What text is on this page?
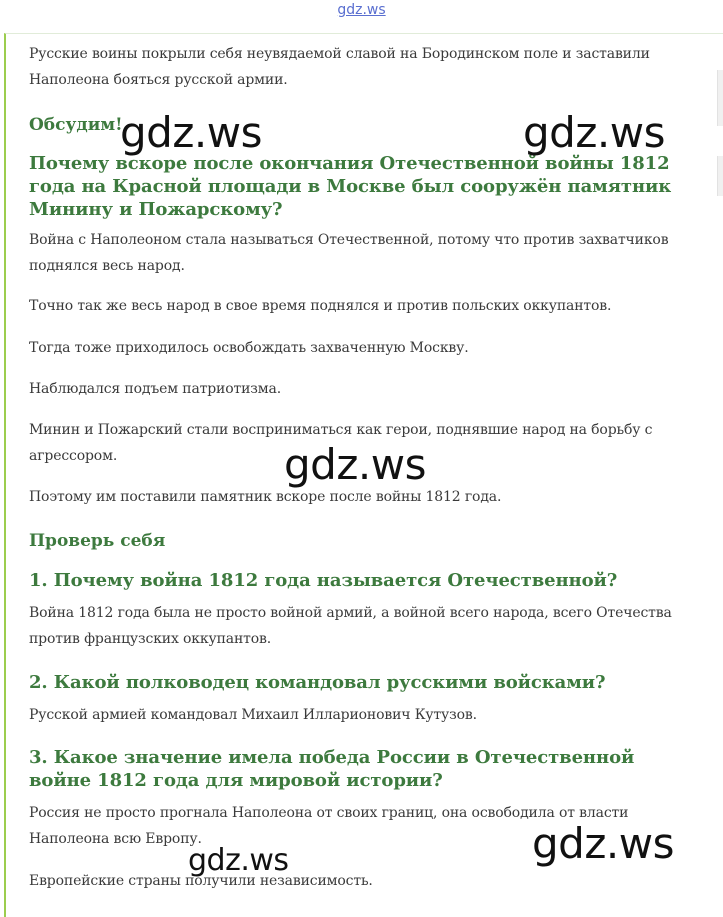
gdz.ws

Русские воины покрыли себя неувядаемой славой на Бородинском поле и заставили Наполеона бояться русской армии.

Обсудим!
Почему вскоре после окончания Отечественной войны 1812 года на Красной площади в Москве был сооружён памятник Минину и Пожарскому?

Война с Наполеоном стала называться Отечественной, потому что против захватчиков поднялся весь народ.

Точно так же весь народ в свое время поднялся и против польских оккупантов.

Тогда тоже приходилось освобождать захваченную Москву.

Наблюдался подъем патриотизма.

Минин и Пожарский стали восприниматься как герои, поднявшие народ на борьбу с агрессором.

Поэтому им поставили памятник вскоре после войны 1812 года.

Проверь себя
1. Почему война 1812 года называется Отечественной?

Война 1812 года была не просто войной армий, а войной всего народа, всего Отечества против французских оккупантов.

2. Какой полководец командовал русскими войсками?

Русской армией командовал Михаил Илларионович Кутузов.

3. Какое значение имела победа России в Отечественной войне 1812 года для мировой истории?

Россия не просто прогнала Наполеона от своих границ, она освободила от власти Наполеона всю Европу.

Европейские страны получили независимость.

gdz.ws	gdz.ws
gdz.ws
gdz.ws
gdz.ws
